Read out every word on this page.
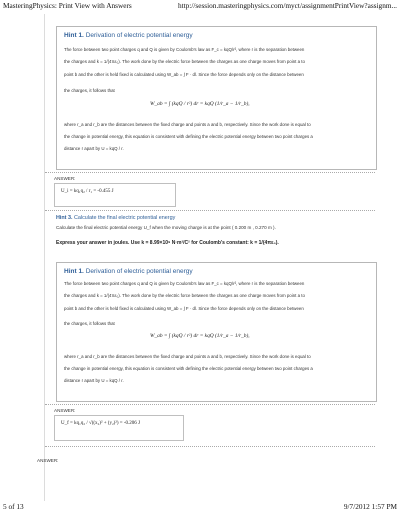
MasteringPhysics: Print View with Answers	http://session.masteringphysics.com/myct/assignmentPrintView?assignm...
Hint 1. Derivation of electric potential energy
The force between two point charges q and Q is given by Coulomb's law as F_c = kqQ/r², where r is the separation between
the charges and k = 1/(4πε₀). The work done by the electric force between the charges as one charge moves from point a to
point b and the other is held fixed is calculated using W_ab = ∫ F · dl. Since the force depends only on the distance between
the charges, it follows that
W_ab = ∫ (kqQ / r²) dr = kqQ (1/r_a − 1/r_b),
where r_a and r_b are the distances between the fixed charge and points a and b, respectively. Since the work done is equal to
the change in potential energy, this equation is consistent with defining the electric potential energy between two point charges a
distance r apart by U = kqQ / r.
ANSWER:
U_i = kq₁q₂ / r₁ = -0.455 J
Hint 3. Calculate the final electric potential energy
Calculate the final electric potential energy U_f when the moving charge is at the point ( 0.200 m , 0.270 m ).
Express your answer in joules. Use k = 8.99×10⁹ N·m²/C² for Coulomb's constant: k = 1/(4πε₀).
Hint 1. Derivation of electric potential energy
The force between two point charges q and Q is given by Coulomb's law as F_c = kqQ/r², where r is the separation between
the charges and k = 1/(4πε₀). The work done by the electric force between the charges as one charge moves from point a to
point b and the other is held fixed is calculated using W_ab = ∫ F · dl. Since the force depends only on the distance between
the charges, it follows that
W_ab = ∫ (kqQ / r²) dr = kqQ (1/r_a − 1/r_b),
where r_a and r_b are the distances between the fixed charge and points a and b, respectively. Since the work done is equal to
the change in potential energy, this equation is consistent with defining the electric potential energy between two point charges a
distance r apart by U = kqQ / r.
ANSWER:
U_f = kq₁q₂ / √((x₂)² + (y₂)²) = -0.206 J
ANSWER:
5 of 13	9/7/2012 1:57 PM
